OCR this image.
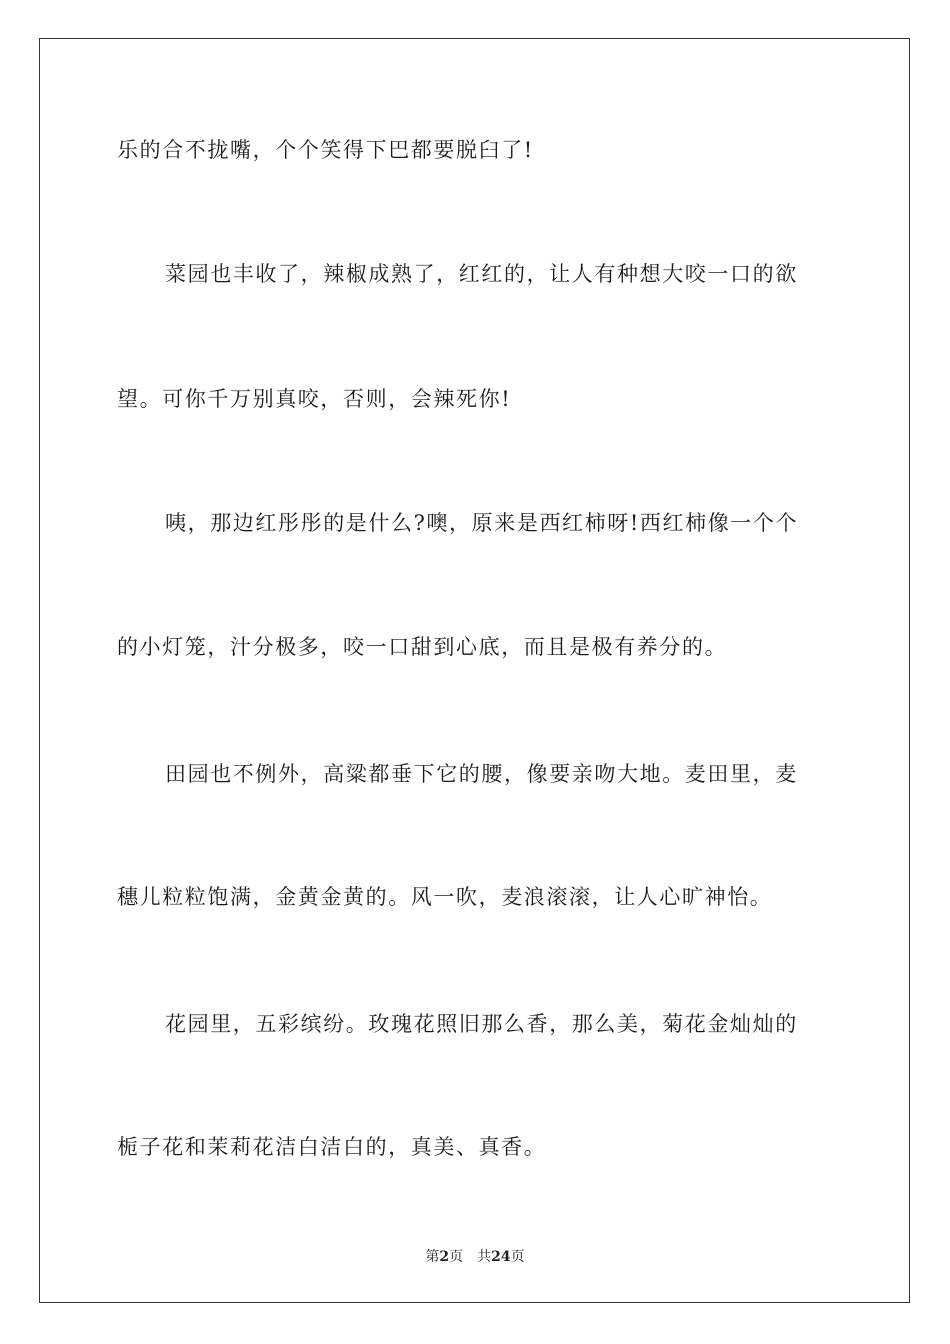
乐的合不拢嘴，个个笑得下巴都要脱臼了!
菜园也丰收了，辣椒成熟了，红红的，让人有种想大咬一口的欲
望。可你千万别真咬，否则，会辣死你!
咦，那边红彤彤的是什么?噢，原来是西红柿呀!西红柿像一个个
的小灯笼，汁分极多，咬一口甜到心底，而且是极有养分的。
田园也不例外，高粱都垂下它的腰，像要亲吻大地。麦田里，麦
穗儿粒粒饱满，金黄金黄的。风一吹，麦浪滚滚，让人心旷神怡。
花园里，五彩缤纷。玫瑰花照旧那么香，那么美，菊花金灿灿的
栀子花和茉莉花洁白洁白的，真美、真香。
第2页 共24页
